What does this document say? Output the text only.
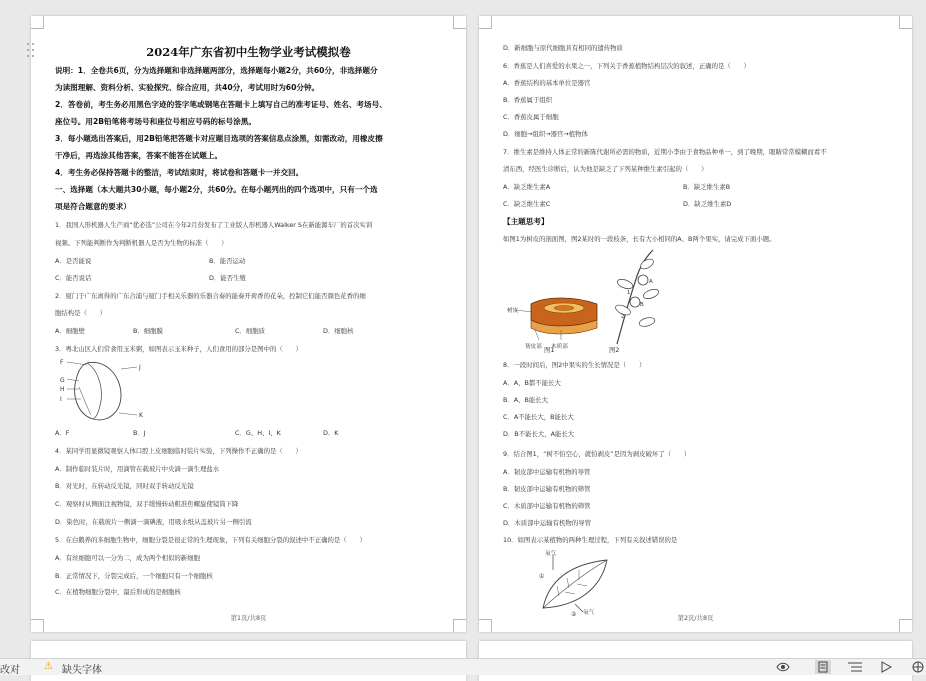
2024年广东省初中生物学业考试模拟卷
说明：1．全卷共6页，分为选择题和非选择题两部分，选择题每小题2分，共60分，非选择题分
为读图理解、资料分析、实验探究、综合应用，共40分，考试用时为60分钟。
2．答卷前，考生务必用黑色字迹的签字笔或钢笔在答题卡上填写自己的准考证号、姓名、考场号、
座位号。用2B铅笔将考场号和座位号相应号码的标号涂黑。
3．每小题选出答案后，用2B铅笔把答题卡对应题目选项的答案信息点涂黑，如需改动，用橡皮擦
干净后，再选涂其他答案，答案不能答在试题上。
4．考生务必保持答题卡的整洁，考试结束时，将试卷和答题卡一并交回。
一、选择题（本大题共30小题，每小题2分，共60分。在每小题列出的四个选项中，只有一个选
项是符合题意的要求）
1．我国人形机器人生产商“优必选”公司在今年2月份发布了工业版人形机器人Walker S在新能源车厂的首次实训
视频。下列能判断作为判断机器人是否为生物的标准（　　）
A．是否能说	B．能否运动
C．能否说话	D．能否生殖
2．厦门于广东离得的广东合浦与厦门手相关乐器的乐器合奏的能奏开荷香的花朵，控制它们能否颜色花香的细
胞结构是（　　）
A．细胞壁	B．细胞膜	C．细胞质	D．细胞核
3．粤北山区人们常食用玉米粥，如图表示玉米种子，人们食用的部分是图中的（　　）
A．F	B．J	C．G、H、I、K	D．K
4．某同学用显微镜观察人体口腔上皮细胞临时装片实验，下列操作不正确的是（　　）
A．制作临时装片时，用滴管在载玻片中央滴一滴生理盐水
B．对光时，在转动反光镜，同时双手转动反光镜
C．观察时从侧面注视物镜，双手缓慢转动粗准焦螺旋使镜筒下降
D．染色时，在载玻片一侧滴一滴碘液，用吸水纸从盖玻片另一侧引流
5．在白鹅养的多细胞生物中，细胞分裂是很正常的生理现象，下列有关细胞分裂的叙述中不正确的是（　　）
A．有丝细胞可以一分为二，成为两个相似的新细胞
B．正常情况下，分裂完成后，一个细胞只有一个细胞核
C．在植物细胞分裂中，最后形成的是细胞核
F
G
H
I
J
K
第1页/共8页
D．新细胞与原代细胞具有相同的遗传物质
6．香蕉是人们喜爱的水果之一，下列关于香蕉植物结构层次的叙述，正确的是（　　）
A．香蕉结构的基本单位是器官
B．香蕉属于组织
C．香蕉皮属于细胞
D．细胞→组织→器官→植物体
7．维生素是维持人体正常的新陈代谢所必需的物质，近期小李由于食物品种单一，到了晚期，眼睛常常模糊而看不
清东西，经医生诊断后，认为他是缺乏了下列某种维生素引起的（　　）
A．缺乏维生素A	B．缺乏维生素B
C．缺乏维生素C	D．缺乏维生素D
【主题思考】
如图1为树皮的剖面图，图2某时的一段枝条，长有大小相同的A、B两个果实，请完成下面小题。
8．一段时间后，图2中果实的生长情况是（　　）
A．A、B都不能长大
B．A、B能长大
C．A不能长大，B能长大
D．B不能长大，A能长大
9．结合图1，“树不怕空心，就怕剥皮”是因为剥皮破坏了（　　）
A．韧皮部中运输有机物的导管
B．韧皮部中运输有机物的筛管
C．木质部中运输有机物的筛管
D．木质部中运输有机物的导管
10．如图表示某植物的两种生理过程，下列有关叙述错误的是
树皮
韧皮部 木质部
图1
A
B
1
2
图2
氧气
①
② 氧气
第2页/共8页
改对 ⚠ 缺失字体
